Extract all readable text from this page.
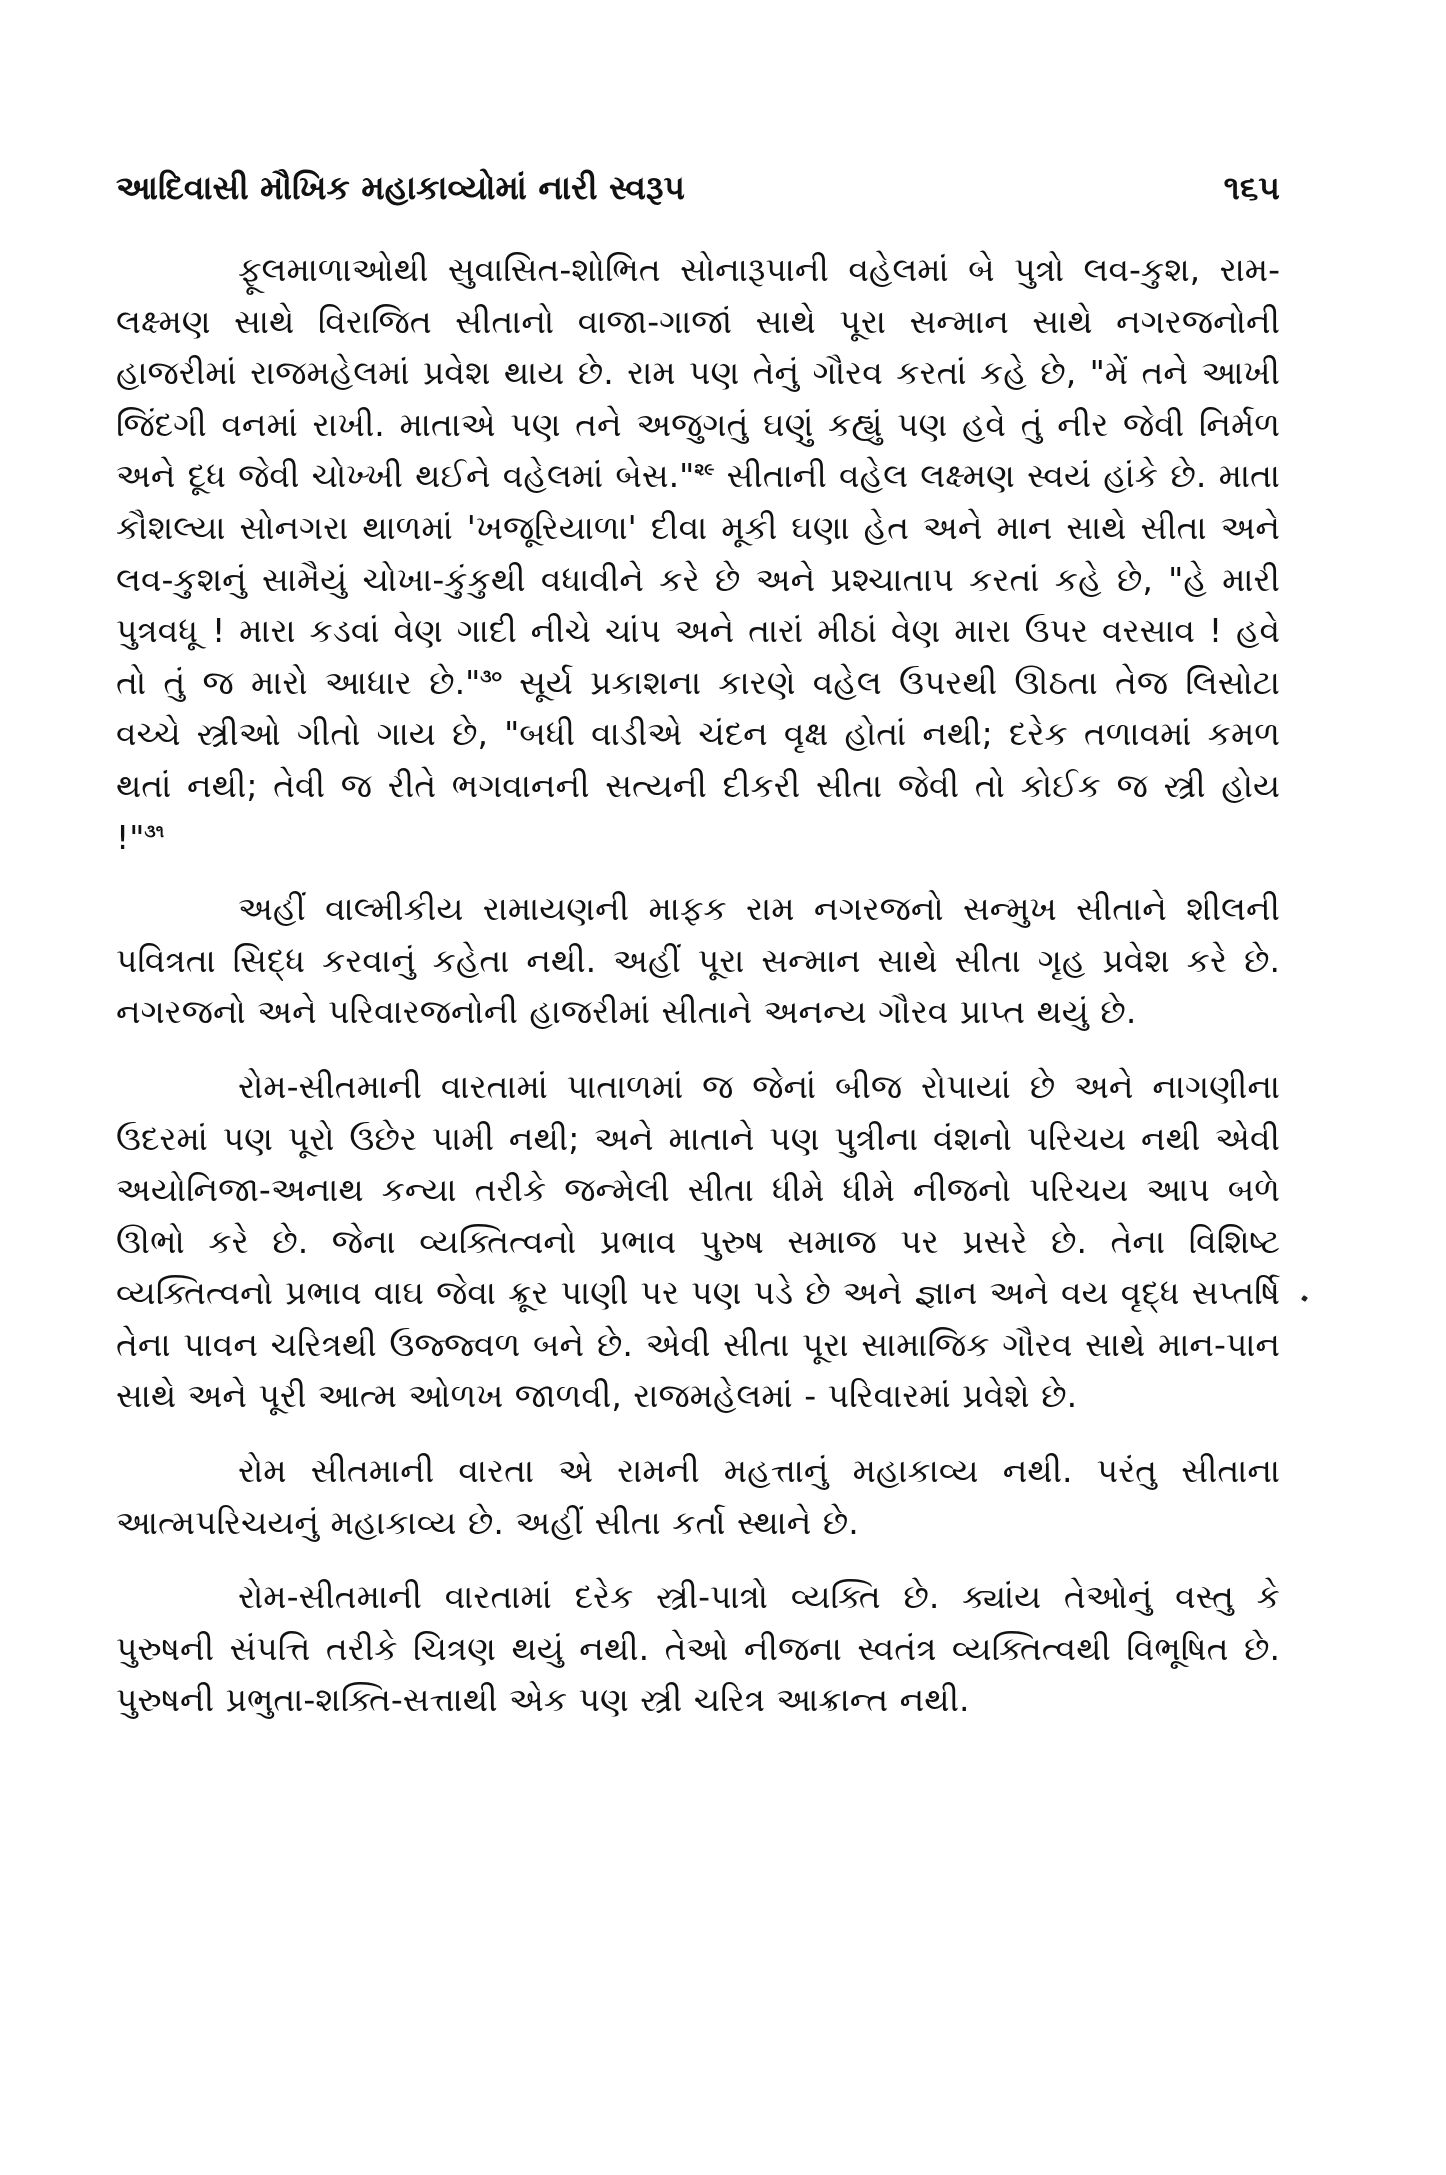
આદિવાસી મૌખિક મહાકાવ્યોમાં નારી સ્વરૂપ	૧૬૫

ફૂલમાળાઓથી સુવાસિત-શોભિત સોનારૂપાની વહેલમાં બે પુત્રો લવ-કુશ, રામ-લક્ષ્મણ સાથે વિરાજિત સીતાનો વાજા-ગાજાં સાથે પૂરા સન્માન સાથે નગરજનોની હાજરીમાં રાજમહેલમાં પ્રવેશ થાય છે. રામ પણ તેનું ગૌરવ કરતાં કહે છે, "મેં તને આખી જિંદગી વનમાં રાખી. માતાએ પણ તને અજુગતું ઘણું કહ્યું પણ હવે તું નીર જેવી નિર્મળ અને દૂધ જેવી ચોખ્ખી થઈને વહેલમાં બેસ."$^{૨૯}$ સીતાની વહેલ લક્ષ્મણ સ્વયં હાંકે છે. માતા કૌશલ્યા સોનગરા થાળમાં 'ખજૂરિયાળા' દીવા મૂકી ઘણા હેત અને માન સાથે સીતા અને લવ-કુશનું સામૈયું ચોખા-કુંકુથી વધાવીને કરે છે અને પ્રશ્ચાતાપ કરતાં કહે છે, "હે મારી પુત્રવધૂ ! મારા કડવાં વેણ ગાદી નીચે ચાંપ અને તારાં મીઠાં વેણ મારા ઉપર વરસાવ ! હવે તો તું જ મારો આધાર છે."$^{૩૦}$ સૂર્ય પ્રકાશના કારણે વહેલ ઉપરથી ઊઠતા તેજ લિસોટા વચ્ચે સ્ત્રીઓ ગીતો ગાય છે, "બધી વાડીએ ચંદન વૃક્ષ હોતાં નથી; દરેક તળાવમાં કમળ થતાં નથી; તેવી જ રીતે ભગવાનની સત્યની દીકરી સીતા જેવી તો કોઈક જ સ્ત્રી હોય !"$^{૩૧}$

અહીં વાલ્મીકીય રામાયણની માફક રામ નગરજનો સન્મુખ સીતાને શીલની પવિત્રતા સિદ્ધ કરવાનું કહેતા નથી. અહીં પૂરા સન્માન સાથે સીતા ગૃહ પ્રવેશ કરે છે. નગરજનો અને પરિવારજનોની હાજરીમાં સીતાને અનન્ય ગૌરવ પ્રાપ્ત થયું છે.

રોમ-સીતમાની વારતામાં પાતાળમાં જ જેનાં બીજ રોપાયાં છે અને નાગણીના ઉદરમાં પણ પૂરો ઉછેર પામી નથી; અને માતાને પણ પુત્રીના વંશનો પરિચય નથી એવી અયોનિજા-અનાથ કન્યા તરીકે જન્મેલી સીતા ધીમે ધીમે નીજનો પરિચય આપ બળે ઊભો કરે છે. જેના વ્યક્તિત્વનો પ્રભાવ પુરુષ સમાજ પર પ્રસરે છે. તેના વિશિષ્ટ વ્યક્તિત્વનો પ્રભાવ વાઘ જેવા ક્રૂર પાણી પર પણ પડે છે અને જ્ઞાન અને વય વૃદ્ધ સપ્તર્ષિ તેના પાવન ચરિત્રથી ઉજ્જ્વળ બને છે. એવી સીતા પૂરા સામાજિક ગૌરવ સાથે માન-પાન સાથે અને પૂરી આત્મ ઓળખ જાળવી, રાજમહેલમાં - પરિવારમાં પ્રવેશે છે.

રોમ સીતમાની વારતા એ રામની મહત્તાનું મહાકાવ્ય નથી. પરંતુ સીતાના આત્મપરિચયનું મહાકાવ્ય છે. અહીં સીતા કર્તા સ્થાને છે.

રોમ-સીતમાની વારતામાં દરેક સ્ત્રી-પાત્રો વ્યક્તિ છે. ક્યાંય તેઓનું વસ્તુ કે પુરુષની સંપત્તિ તરીકે ચિત્રણ થયું નથી. તેઓ નીજના સ્વતંત્ર વ્યક્તિત્વથી વિભૂષિત છે. પુરુષની પ્રભુતા-શક્તિ-સત્તાથી એક પણ સ્ત્રી ચરિત્ર આક્રાન્ત નથી.
